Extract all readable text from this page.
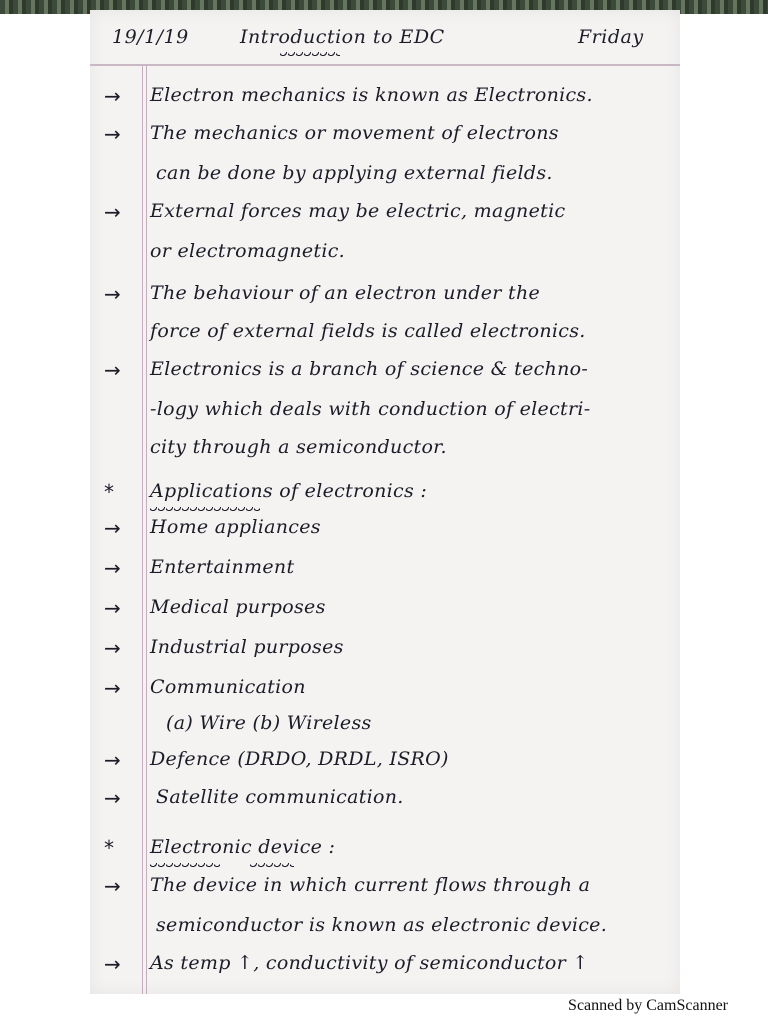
19/1/19	Introduction to EDC	Friday
→	Electron mechanics is known as Electronics.
→	The mechanics or movement of electrons
can be done by applying external fields.
→	External forces may be electric, magnetic
or electromagnetic.
→	The behaviour of an electron under the
force of external fields is called electronics.
→	Electronics is a branch of science & techno-
-logy which deals with conduction of electri-
city through a semiconductor.
*	Applications of electronics :
→	Home appliances
→	Entertainment
→	Medical purposes
→	Industrial purposes
→	Communication
(a) Wire (b) Wireless
→	Defence (DRDO, DRDL, ISRO)
→	Satellite communication.
*	Electronic device :
→	The device in which current flows through a
semiconductor is known as electronic device.
→	As temp ↑, conductivity of semiconductor ↑
Scanned by CamScanner
